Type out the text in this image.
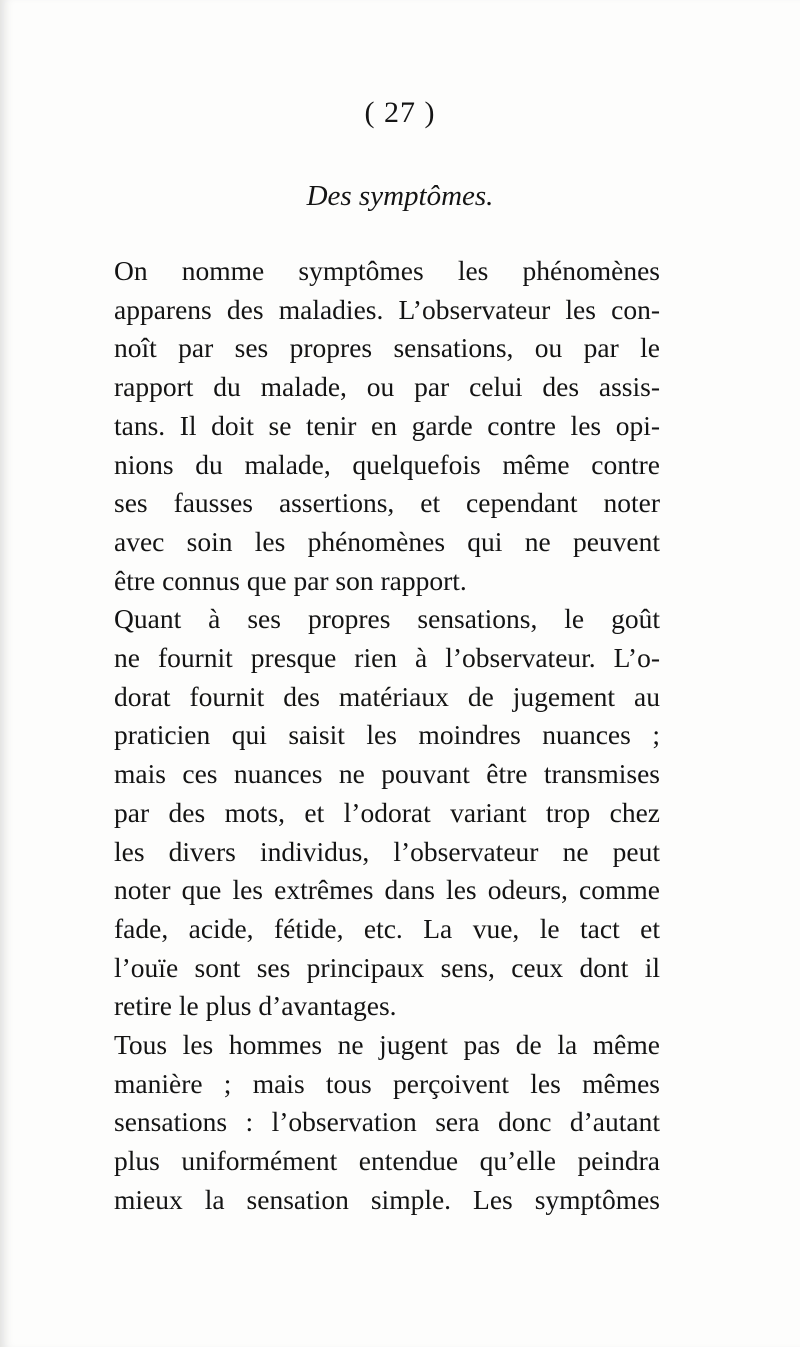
( 27 )
Des symptômes.
On nomme symptômes les phénomènes
apparens des maladies. L’observateur les con-
noît par ses propres sensations, ou par le
rapport du malade, ou par celui des assis-
tans. Il doit se tenir en garde contre les opi-
nions du malade, quelquefois même contre
ses fausses assertions, et cependant noter
avec soin les phénomènes qui ne peuvent
être connus que par son rapport.
Quant à ses propres sensations, le goût
ne fournit presque rien à l’observateur. L’o-
dorat fournit des matériaux de jugement au
praticien qui saisit les moindres nuances ;
mais ces nuances ne pouvant être transmises
par des mots, et l’odorat variant trop chez
les divers individus, l’observateur ne peut
noter que les extrêmes dans les odeurs, comme
fade, acide, fétide, etc. La vue, le tact et
l’ouïe sont ses principaux sens, ceux dont il
retire le plus d’avantages.
Tous les hommes ne jugent pas de la même
manière ; mais tous perçoivent les mêmes
sensations : l’observation sera donc d’autant
plus uniformément entendue qu’elle peindra
mieux la sensation simple. Les symptômes
